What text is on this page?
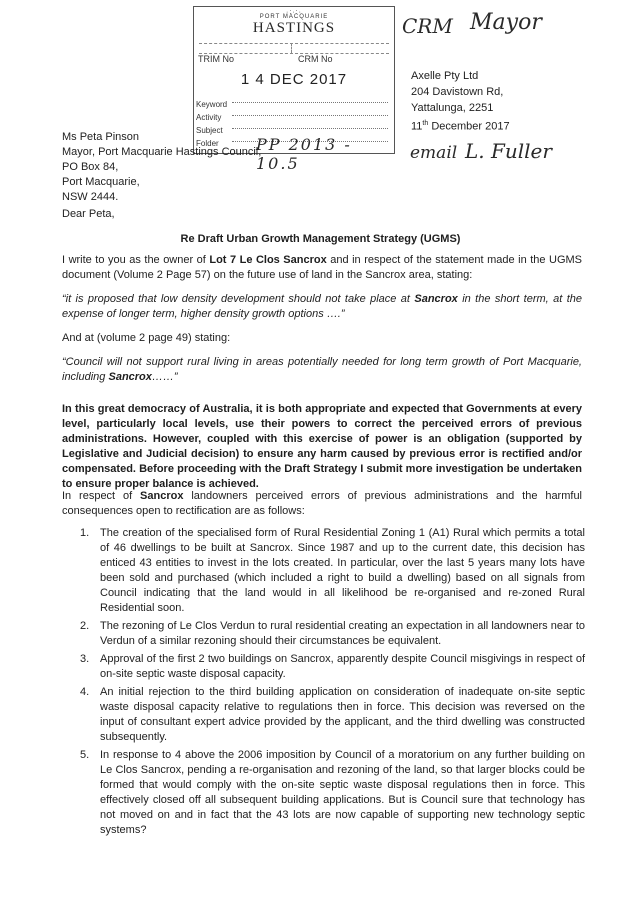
·:·:·
PORT MACQUARIE
HASTINGS
TRIM No	CRM No
1 4 DEC 2017
Keyword
Activity
Subject
Folder PP 2013 - 10.5
CRM Mayor
email L. Fuller
Axelle Pty Ltd
204 Davistown Rd,
Yattalunga, 2251
11th December 2017
Ms Peta Pinson
Mayor, Port Macquarie Hastings Council,
PO Box 84,
Port Macquarie,
NSW 2444.
Dear Peta,
Re Draft Urban Growth Management Strategy (UGMS)
I write to you as the owner of Lot 7 Le Clos Sancrox and in respect of the statement made in the UGMS document (Volume 2 Page 57) on the future use of land in the Sancrox area, stating:
“it is proposed that low density development should not take place at Sancrox in the short term, at the expense of longer term, higher density growth options ….”
And at (volume 2 page 49) stating:
“Council will not support rural living in areas potentially needed for long term growth of Port Macquarie, including Sancrox……”
In this great democracy of Australia, it is both appropriate and expected that Governments at every level, particularly local levels, use their powers to correct the perceived errors of previous administrations. However, coupled with this exercise of power is an obligation (supported by Legislative and Judicial decision) to ensure any harm caused by previous error is rectified and/or compensated. Before proceeding with the Draft Strategy I submit more investigation be undertaken to ensure proper balance is achieved.
In respect of Sancrox landowners perceived errors of previous administrations and the harmful consequences open to rectification are as follows:
1. The creation of the specialised form of Rural Residential Zoning 1 (A1) Rural which permits a total of 46 dwellings to be built at Sancrox. Since 1987 and up to the current date, this decision has enticed 43 entities to invest in the lots created. In particular, over the last 5 years many lots have been sold and purchased (which included a right to build a dwelling) based on all signals from Council indicating that the land would in all likelihood be re-organised and re-zoned Rural Residential soon.
2. The rezoning of Le Clos Verdun to rural residential creating an expectation in all landowners near to Verdun of a similar rezoning should their circumstances be equivalent.
3. Approval of the first 2 two buildings on Sancrox, apparently despite Council misgivings in respect of on-site septic waste disposal capacity.
4. An initial rejection to the third building application on consideration of inadequate on-site septic waste disposal capacity relative to regulations then in force. This decision was reversed on the input of consultant expert advice provided by the applicant, and the third dwelling was constructed subsequently.
5. In response to 4 above the 2006 imposition by Council of a moratorium on any further building on Le Clos Sancrox, pending a re-organisation and rezoning of the land, so that larger blocks could be formed that would comply with the on-site septic waste disposal regulations then in force. This effectively closed off all subsequent building applications. But is Council sure that technology has not moved on and in fact that the 43 lots are now capable of supporting new technology septic systems?
